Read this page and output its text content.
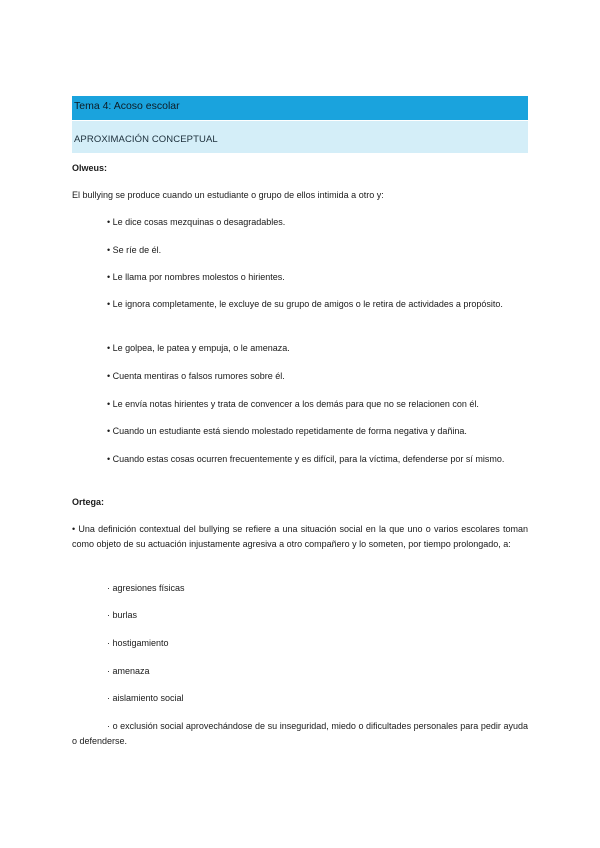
Tema 4: Acoso escolar
APROXIMACIÓN CONCEPTUAL

Olweus:

El bullying se produce cuando un estudiante o grupo de ellos intimida a otro y:

• Le dice cosas mezquinas o desagradables.

• Se ríe de él.

• Le llama por nombres molestos o hirientes.

• Le ignora completamente, le excluye de su grupo de amigos o le retira de actividades a propósito.

• Le golpea, le patea y empuja, o le amenaza.

• Cuenta mentiras o falsos rumores sobre él.

• Le envía notas hirientes y trata de convencer a los demás para que no se relacionen con él.

• Cuando un estudiante está siendo molestado repetidamente de forma negativa y dañina.

• Cuando estas cosas ocurren frecuentemente y es difícil, para la víctima, defenderse por sí mismo.

Ortega:

• Una definición contextual del bullying se refiere a una situación social en la que uno o varios escolares toman como objeto de su actuación injustamente agresiva a otro compañero y lo someten, por tiempo prolongado, a:

· agresiones físicas

· burlas

· hostigamiento

· amenaza

· aislamiento social

· o exclusión social aprovechándose de su inseguridad, miedo o dificultades personales para pedir ayuda o defenderse.
